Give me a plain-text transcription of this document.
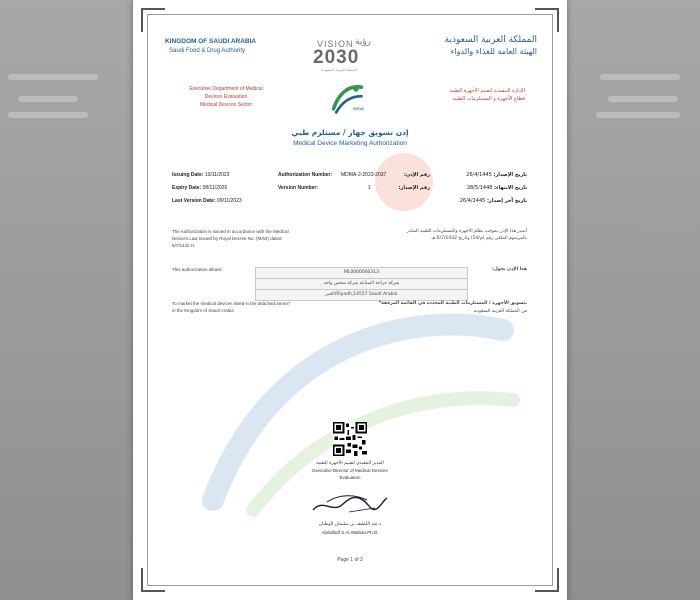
KINGDOM OF SAUDI ARABIA
Saudi Food & Drug Authority
VISION رؤية
2030
المملكة العربية السعودية
المملكة العربية السعودية
الهيئة العامة للغذاء والدواء
Executive Department of Medical
Devices Evaluation
Medical Devices Sector
SFDA
الإدارة التنفيذية لتقييم الأجهزة الطبية
قطاع الأجهزة و المستلزمات الطبية
إذن تسويق جهاز / مستلزم طبي
Medical Device Marketing Authorization
Issuing Date: 10/11/2023
Expiry Date: 08/11/2026
Last Version Date: 09/11/2023
Authorization Number: MDMA-2-2023-2037
Version Number:	1
رقم الإذن:
رقم الإصدار:
تاريخ الإصدار: 26/4/1445
تاريخ الانتهاء: 28/5/1448
تاريخ آخر إصدار: 26/4/1445
The Authorization is issued in accordance with the Medical
Devices Law Issued by Royal Decree No. (M/54) dated
6/7/1442 H.
أصدر هذا الإذن بموجب نظام الأجهزة والمستلزمات الطبية الصادر
بالمرسوم الملكي رقم (م/54) وتاريخ 6/7/1442 هـ.
This authorization allows:	هذا الإذن يخول:
ML0000000313
شركة جراحة الصناعة شركة شخص واحد
الخبر/Riyadh,14557 Saudi Arabia
To market the medical devices listed in the attached annex*
in the Kingdom of Saudi Arabia
بتسويق الأجهزة / المستلزمات الطبية المحددة في القائمة المرفقة*
في المملكة العربية السعودية
المدير التنفيذي لتقييم الأجهزة الطبية
Executive Director of Medical Devices
Evaluation
د.عبد اللطيف بن سليمان الوطبان
Abdullatif S.Al Watban,Ph.D.
Page 1 of 2
